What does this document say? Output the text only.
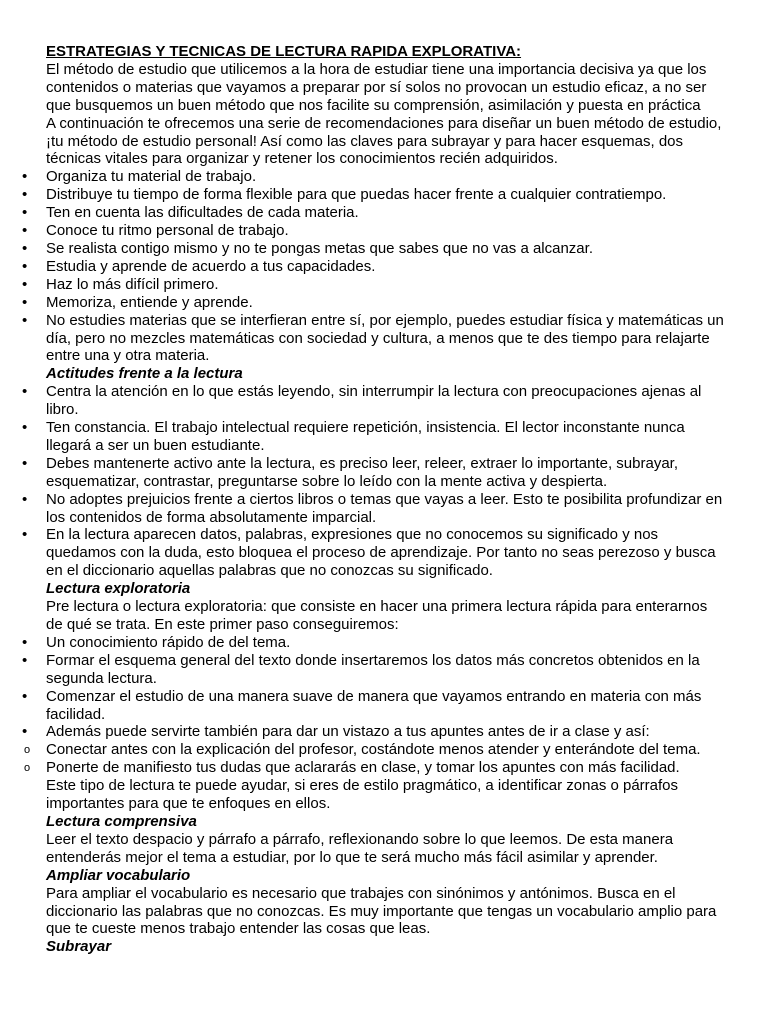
ESTRATEGIAS Y TECNICAS DE LECTURA RAPIDA EXPLORATIVA:

El método de estudio que utilicemos a la hora de estudiar tiene una importancia decisiva ya que los contenidos o materias que vayamos a preparar por sí solos no provocan un estudio eficaz, a no ser que busquemos un buen método que nos facilite su comprensión, asimilación y puesta en práctica

A continuación te ofrecemos una serie de recomendaciones para diseñar un buen método de estudio, ¡tu método de estudio personal! Así como las claves para subrayar y para hacer esquemas, dos técnicas vitales para organizar y retener los conocimientos recién adquiridos.

• Organiza tu material de trabajo.
• Distribuye tu tiempo de forma flexible para que puedas hacer frente a cualquier contratiempo.
• Ten en cuenta las dificultades de cada materia.
• Conoce tu ritmo personal de trabajo.
• Se realista contigo mismo y no te pongas metas que sabes que no vas a alcanzar.
• Estudia y aprende de acuerdo a tus capacidades.
• Haz lo más difícil primero.
• Memoriza, entiende y aprende.
• No estudies materias que se interfieran entre sí, por ejemplo, puedes estudiar física y matemáticas un día, pero no mezcles matemáticas con sociedad y cultura, a menos que te des tiempo para relajarte entre una y otra materia.

Actitudes frente a la lectura

• Centra la atención en lo que estás leyendo, sin interrumpir la lectura con preocupaciones ajenas al libro.
• Ten constancia. El trabajo intelectual requiere repetición, insistencia. El lector inconstante nunca llegará a ser un buen estudiante.
• Debes mantenerte activo ante la lectura, es preciso leer, releer, extraer lo importante, subrayar, esquematizar, contrastar, preguntarse sobre lo leído con la mente activa y despierta.
• No adoptes prejuicios frente a ciertos libros o temas que vayas a leer. Esto te posibilita profundizar en los contenidos de forma absolutamente imparcial.
• En la lectura aparecen datos, palabras, expresiones que no conocemos su significado y nos quedamos con la duda, esto bloquea el proceso de aprendizaje. Por tanto no seas perezoso y busca en el diccionario aquellas palabras que no conozcas su significado.

Lectura exploratoria

Pre lectura o lectura exploratoria: que consiste en hacer una primera lectura rápida para enterarnos de qué se trata. En este primer paso conseguiremos:

• Un conocimiento rápido de del tema.
• Formar el esquema general del texto donde insertaremos los datos más concretos obtenidos en la segunda lectura.
• Comenzar el estudio de una manera suave de manera que vayamos entrando en materia con más facilidad.
• Además puede servirte también para dar un vistazo a tus apuntes antes de ir a clase y así:
o Conectar antes con la explicación del profesor, costándote menos atender y enterándote del tema.
o Ponerte de manifiesto tus dudas que aclararás en clase, y tomar los apuntes con más facilidad.

Este tipo de lectura te puede ayudar, si eres de estilo pragmático, a identificar zonas o párrafos importantes para que te enfoques en ellos.

Lectura comprensiva

Leer el texto despacio y párrafo a párrafo, reflexionando sobre lo que leemos. De esta manera entenderás mejor el tema a estudiar, por lo que te será mucho más fácil asimilar y aprender.

Ampliar vocabulario

Para ampliar el vocabulario es necesario que trabajes con sinónimos y antónimos. Busca en el diccionario las palabras que no conozcas. Es muy importante que tengas un vocabulario amplio para que te cueste menos trabajo entender las cosas que leas.

Subrayar
